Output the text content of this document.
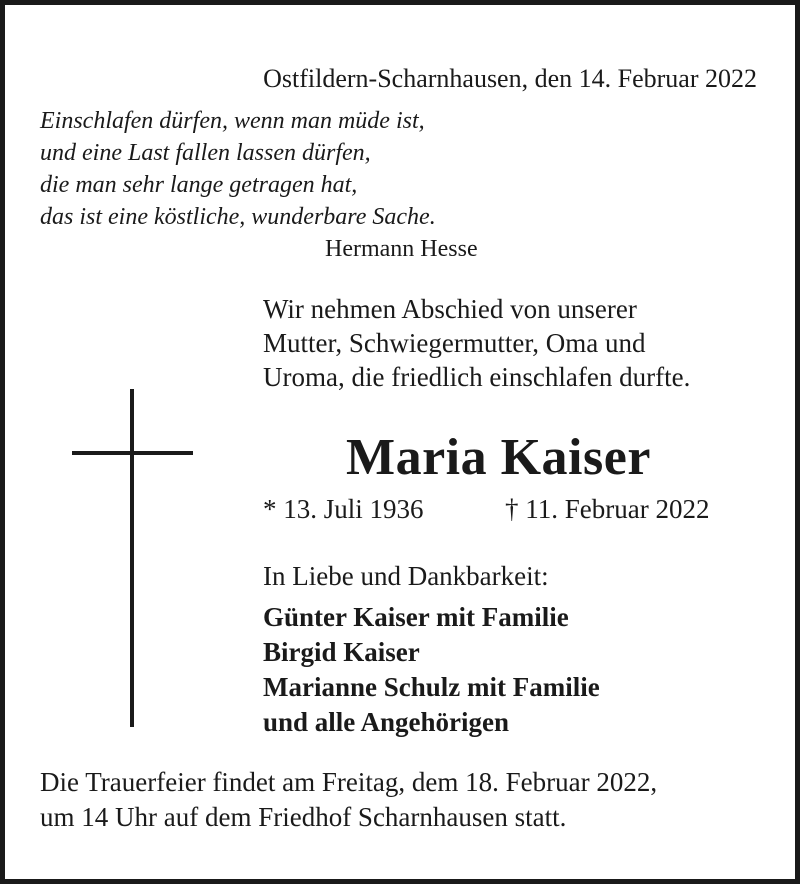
Ostfildern-Scharnhausen, den 14. Februar 2022
Einschlafen dürfen, wenn man müde ist,
und eine Last fallen lassen dürfen,
die man sehr lange getragen hat,
das ist eine köstliche, wunderbare Sache.
Hermann Hesse
Wir nehmen Abschied von unserer
Mutter, Schwiegermutter, Oma und
Uroma, die friedlich einschlafen durfte.
Maria Kaiser
* 13. Juli 1936	† 11. Februar 2022
In Liebe und Dankbarkeit:
Günter Kaiser mit Familie
Birgid Kaiser
Marianne Schulz mit Familie
und alle Angehörigen
Die Trauerfeier findet am Freitag, dem 18. Februar 2022,
um 14 Uhr auf dem Friedhof Scharnhausen statt.
